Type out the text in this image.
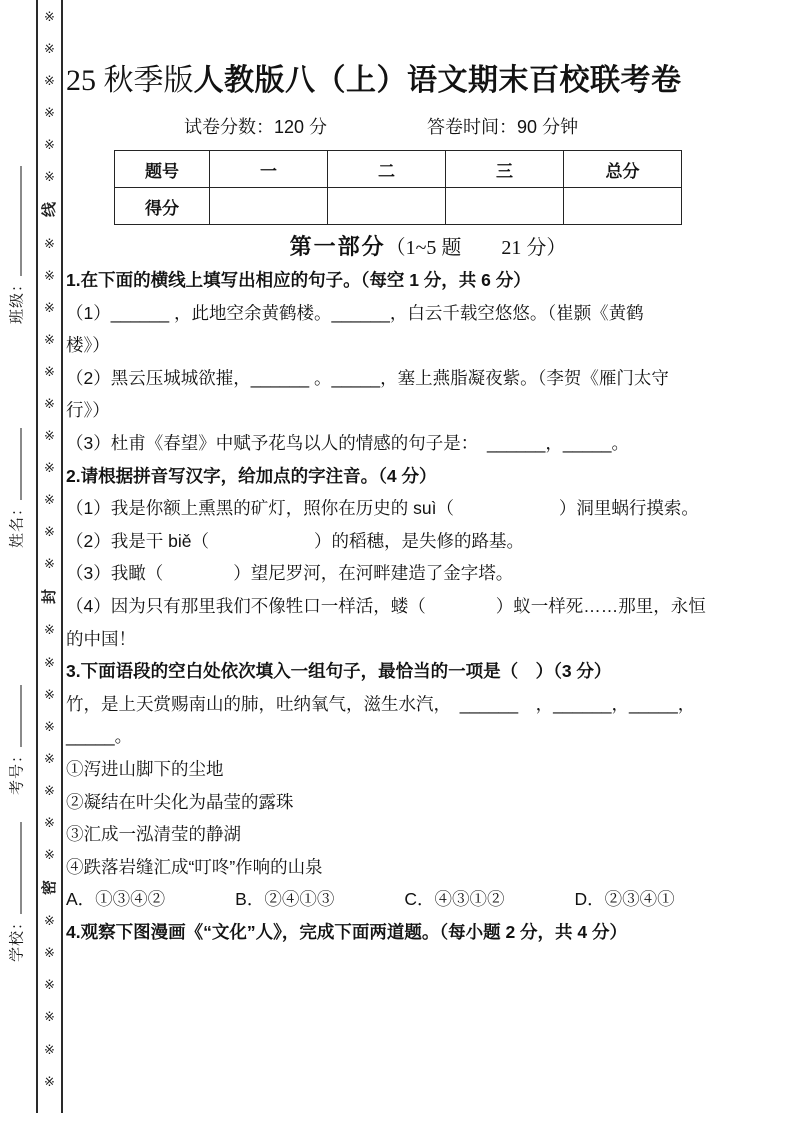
※
※
※
※
※
※
线
※
※
※
※
※
※
※
※
※
※
※
封
※
※
※
※
※
※
※
※
密
※
※
※
※
※
※
班级：
姓名：
考号：
学校：
25 秋季版人教版八（上）语文期末百校联考卷
试卷分数：120 分	答卷时间：90 分钟
题号	一	二	三	总分
得分				
第一部分（1~5 题　　21 分）
1.在下面的横线上填写出相应的句子。（每空 1 分，共 6 分）
（1）______ ，此地空余黄鹤楼。______，白云千载空悠悠。（崔颢《黄鹤
楼》）
（2）黑云压城城欲摧，______ 。_____，塞上燕脂凝夜紫。（李贺《雁门太守
行》）
（3）杜甫《春望》中赋予花鸟以人的情感的句子是：　______，_____。
2.请根据拼音写汉字，给加点的字注音。（4 分）
（1）我是你额上熏黑的矿灯，照你在历史的 suì（　　　　　　）洞里蜗行摸索。
（2）我是干 biě（　　　　　　）的稻穗，是失修的路基。
（3）我瞰（　　　　）望尼罗河，在河畔建造了金字塔。
（4）因为只有那里我们不像牲口一样活，蝼（　　　　）蚁一样死……那里，永恒
的中国！
3.下面语段的空白处依次填入一组句子，最恰当的一项是（　）（3 分）
竹，是上天赏赐南山的肺，吐纳氧气，滋生水汽，　______　，______，_____，
_____。
①泻进山脚下的尘地
②凝结在叶尖化为晶莹的露珠
③汇成一泓清莹的静湖
④跌落岩缝汇成“叮咚”作响的山泉
A．①③④②　　　　B．②④①③　　　　C．④③①②　　　　D．②③④①
4.观察下图漫画《“文化”人》，完成下面两道题。（每小题 2 分，共 4 分）
